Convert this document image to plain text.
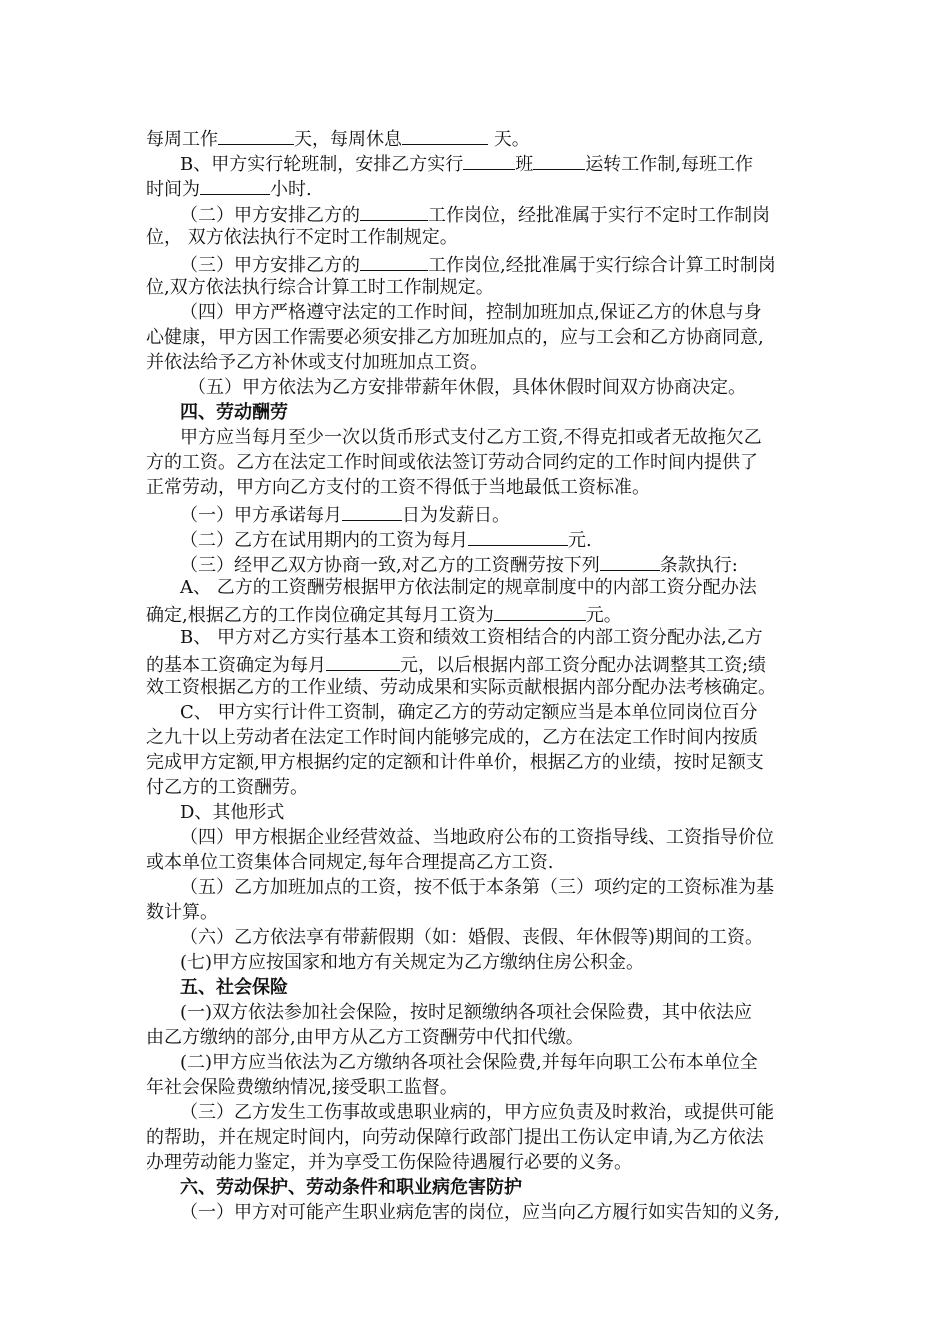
每周工作	天，每周休息	天。
B、甲方实行轮班制，安排乙方实行	班	运转工作制,每班工作
时间为	小时.
（二）甲方安排乙方的	工作岗位，经批准属于实行不定时工作制岗
位， 双方依法执行不定时工作制规定。
（三）甲方安排乙方的	工作岗位,经批准属于实行综合计算工时制岗
位,双方依法执行综合计算工时工作制规定。
（四）甲方严格遵守法定的工作时间，控制加班加点,保证乙方的休息与身
心健康，甲方因工作需要必须安排乙方加班加点的，应与工会和乙方协商同意,
并依法给予乙方补休或支付加班加点工资。
（五）甲方依法为乙方安排带薪年休假，具体休假时间双方协商决定。
四、劳动酬劳
甲方应当每月至少一次以货币形式支付乙方工资,不得克扣或者无故拖欠乙
方的工资。乙方在法定工作时间或依法签订劳动合同约定的工作时间内提供了
正常劳动，甲方向乙方支付的工资不得低于当地最低工资标准。
（一）甲方承诺每月	日为发薪日。
（二）乙方在试用期内的工资为每月	元.
（三）经甲乙双方协商一致,对乙方的工资酬劳按下列	条款执行:
A、 乙方的工资酬劳根据甲方依法制定的规章制度中的内部工资分配办法
确定,根据乙方的工作岗位确定其每月工资为	元。
B、 甲方对乙方实行基本工资和绩效工资相结合的内部工资分配办法,乙方
的基本工资确定为每月	元，以后根据内部工资分配办法调整其工资;绩
效工资根据乙方的工作业绩、劳动成果和实际贡献根据内部分配办法考核确定。
C、 甲方实行计件工资制，确定乙方的劳动定额应当是本单位同岗位百分
之九十以上劳动者在法定工作时间内能够完成的，乙方在法定工作时间内按质
完成甲方定额,甲方根据约定的定额和计件单价，根据乙方的业绩，按时足额支
付乙方的工资酬劳。
D、其他形式
（四）甲方根据企业经营效益、当地政府公布的工资指导线、工资指导价位
或本单位工资集体合同规定,每年合理提高乙方工资.
（五）乙方加班加点的工资，按不低于本条第（三）项约定的工资标准为基
数计算。
（六）乙方依法享有带薪假期（如：婚假、丧假、年休假等)期间的工资。
(七)甲方应按国家和地方有关规定为乙方缴纳住房公积金。
五、社会保险
(一)双方依法参加社会保险，按时足额缴纳各项社会保险费，其中依法应
由乙方缴纳的部分,由甲方从乙方工资酬劳中代扣代缴。
(二)甲方应当依法为乙方缴纳各项社会保险费,并每年向职工公布本单位全
年社会保险费缴纳情况,接受职工监督。
（三）乙方发生工伤事故或患职业病的，甲方应负责及时救治，或提供可能
的帮助，并在规定时间内，向劳动保障行政部门提出工伤认定申请,为乙方依法
办理劳动能力鉴定，并为享受工伤保险待遇履行必要的义务。
六、劳动保护、劳动条件和职业病危害防护
（一）甲方对可能产生职业病危害的岗位，应当向乙方履行如实告知的义务,
